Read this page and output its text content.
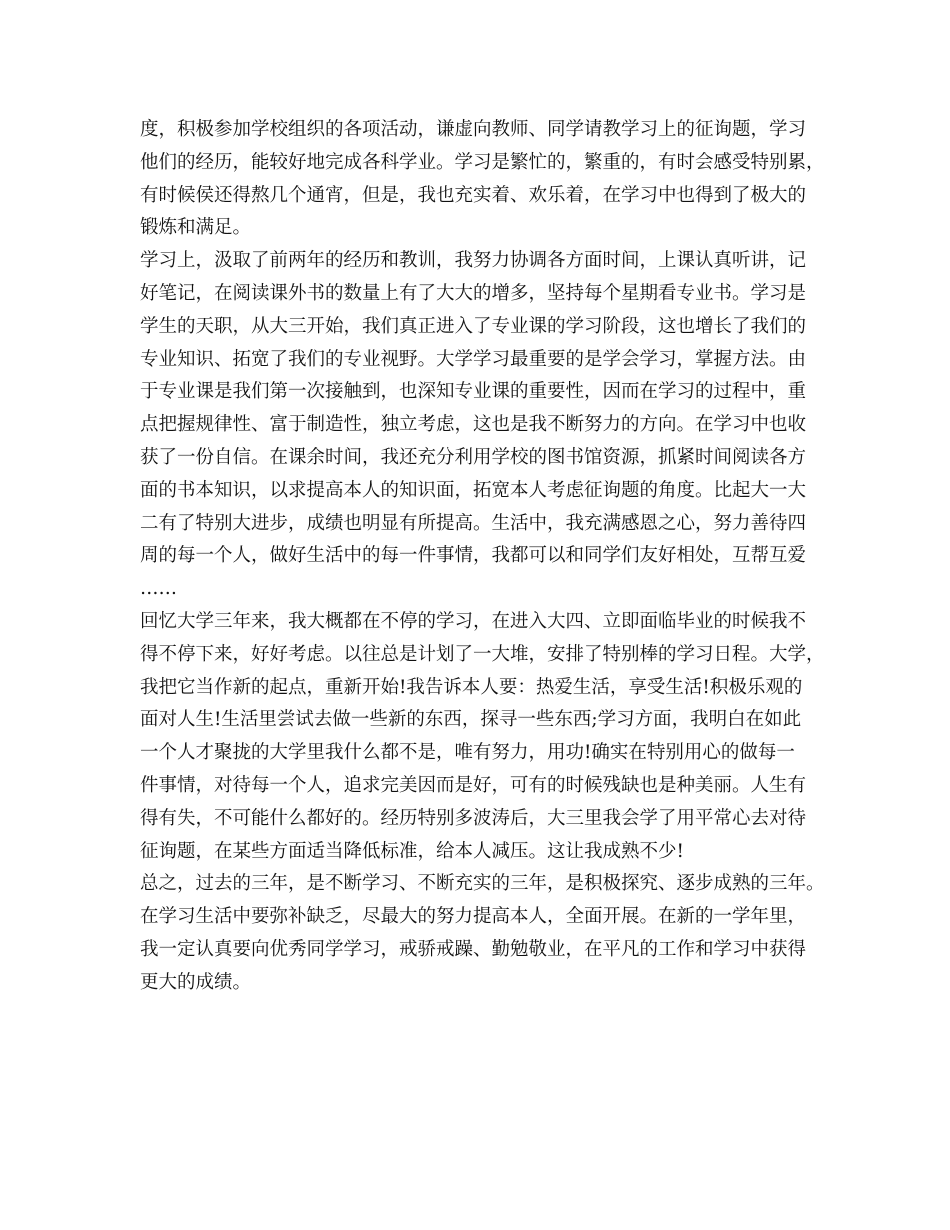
度，积极参加学校组织的各项活动，谦虚向教师、同学请教学习上的征询题，学习
他们的经历，能较好地完成各科学业。学习是繁忙的，繁重的，有时会感受特别累，
有时候侯还得熬几个通宵，但是，我也充实着、欢乐着，在学习中也得到了极大的
锻炼和满足。
学习上，汲取了前两年的经历和教训，我努力协调各方面时间，上课认真听讲，记
好笔记，在阅读课外书的数量上有了大大的增多，坚持每个星期看专业书。学习是
学生的天职，从大三开始，我们真正进入了专业课的学习阶段，这也增长了我们的
专业知识、拓宽了我们的专业视野。大学学习最重要的是学会学习，掌握方法。由
于专业课是我们第一次接触到，也深知专业课的重要性，因而在学习的过程中，重
点把握规律性、富于制造性，独立考虑，这也是我不断努力的方向。在学习中也收
获了一份自信。在课余时间，我还充分利用学校的图书馆资源，抓紧时间阅读各方
面的书本知识，以求提高本人的知识面，拓宽本人考虑征询题的角度。比起大一大
二有了特别大进步，成绩也明显有所提高。生活中，我充满感恩之心，努力善待四
周的每一个人，做好生活中的每一件事情，我都可以和同学们友好相处，互帮互爱
……
回忆大学三年来，我大概都在不停的学习，在进入大四、立即面临毕业的时候我不
得不停下来，好好考虑。以往总是计划了一大堆，安排了特别棒的学习日程。大学，
我把它当作新的起点，重新开始!我告诉本人要：热爱生活，享受生活!积极乐观的
面对人生!生活里尝试去做一些新的东西，探寻一些东西;学习方面，我明白在如此
一个人才聚拢的大学里我什么都不是，唯有努力，用功!确实在特别用心的做每一
件事情，对待每一个人，追求完美因而是好，可有的时候残缺也是种美丽。人生有
得有失，不可能什么都好的。经历特别多波涛后，大三里我会学了用平常心去对待
征询题，在某些方面适当降低标准，给本人减压。这让我成熟不少!
总之，过去的三年，是不断学习、不断充实的三年，是积极探究、逐步成熟的三年。
在学习生活中要弥补缺乏，尽最大的努力提高本人，全面开展。在新的一学年里，
我一定认真要向优秀同学学习，戒骄戒躁、勤勉敬业，在平凡的工作和学习中获得
更大的成绩。
